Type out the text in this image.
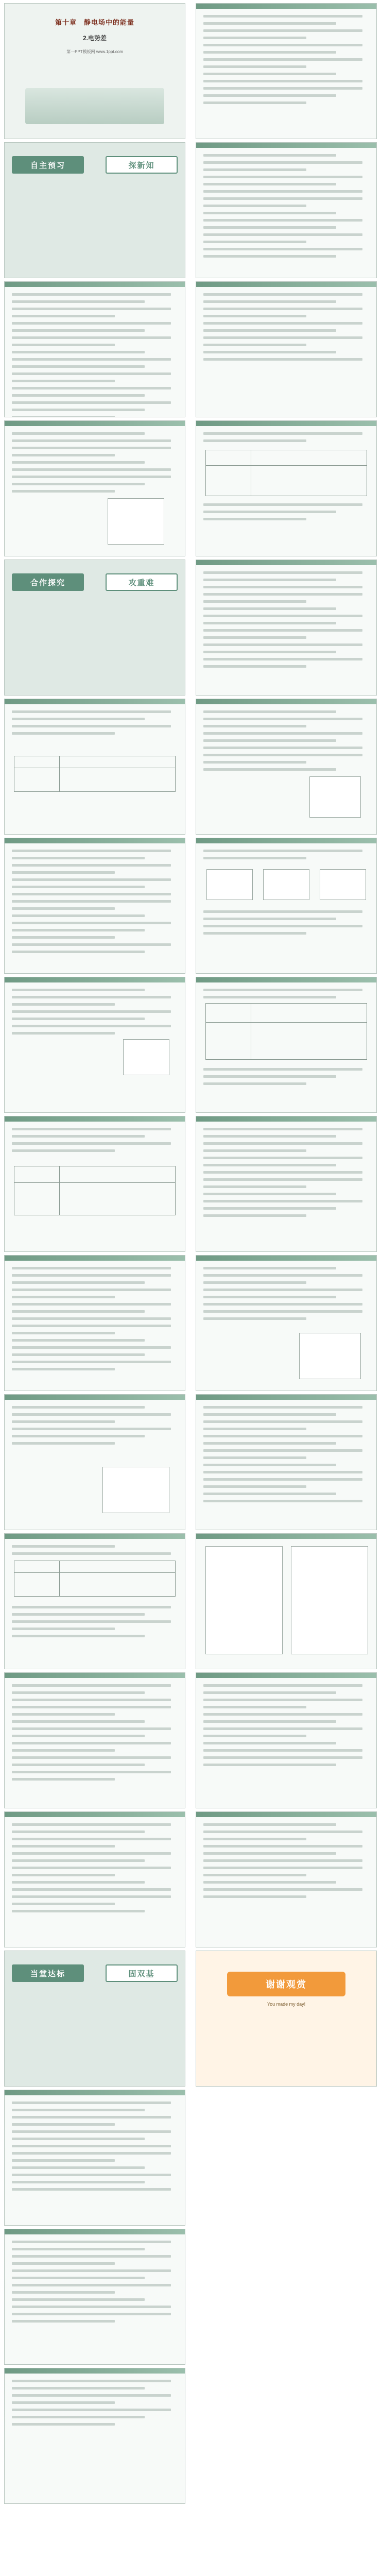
第十章　静电场中的能量
2.电势差
第一PPT模板网 www.1ppt.com
自主预习	探新知
合作探究	攻重难
当堂达标	固双基
谢谢观赏
You made my day!
